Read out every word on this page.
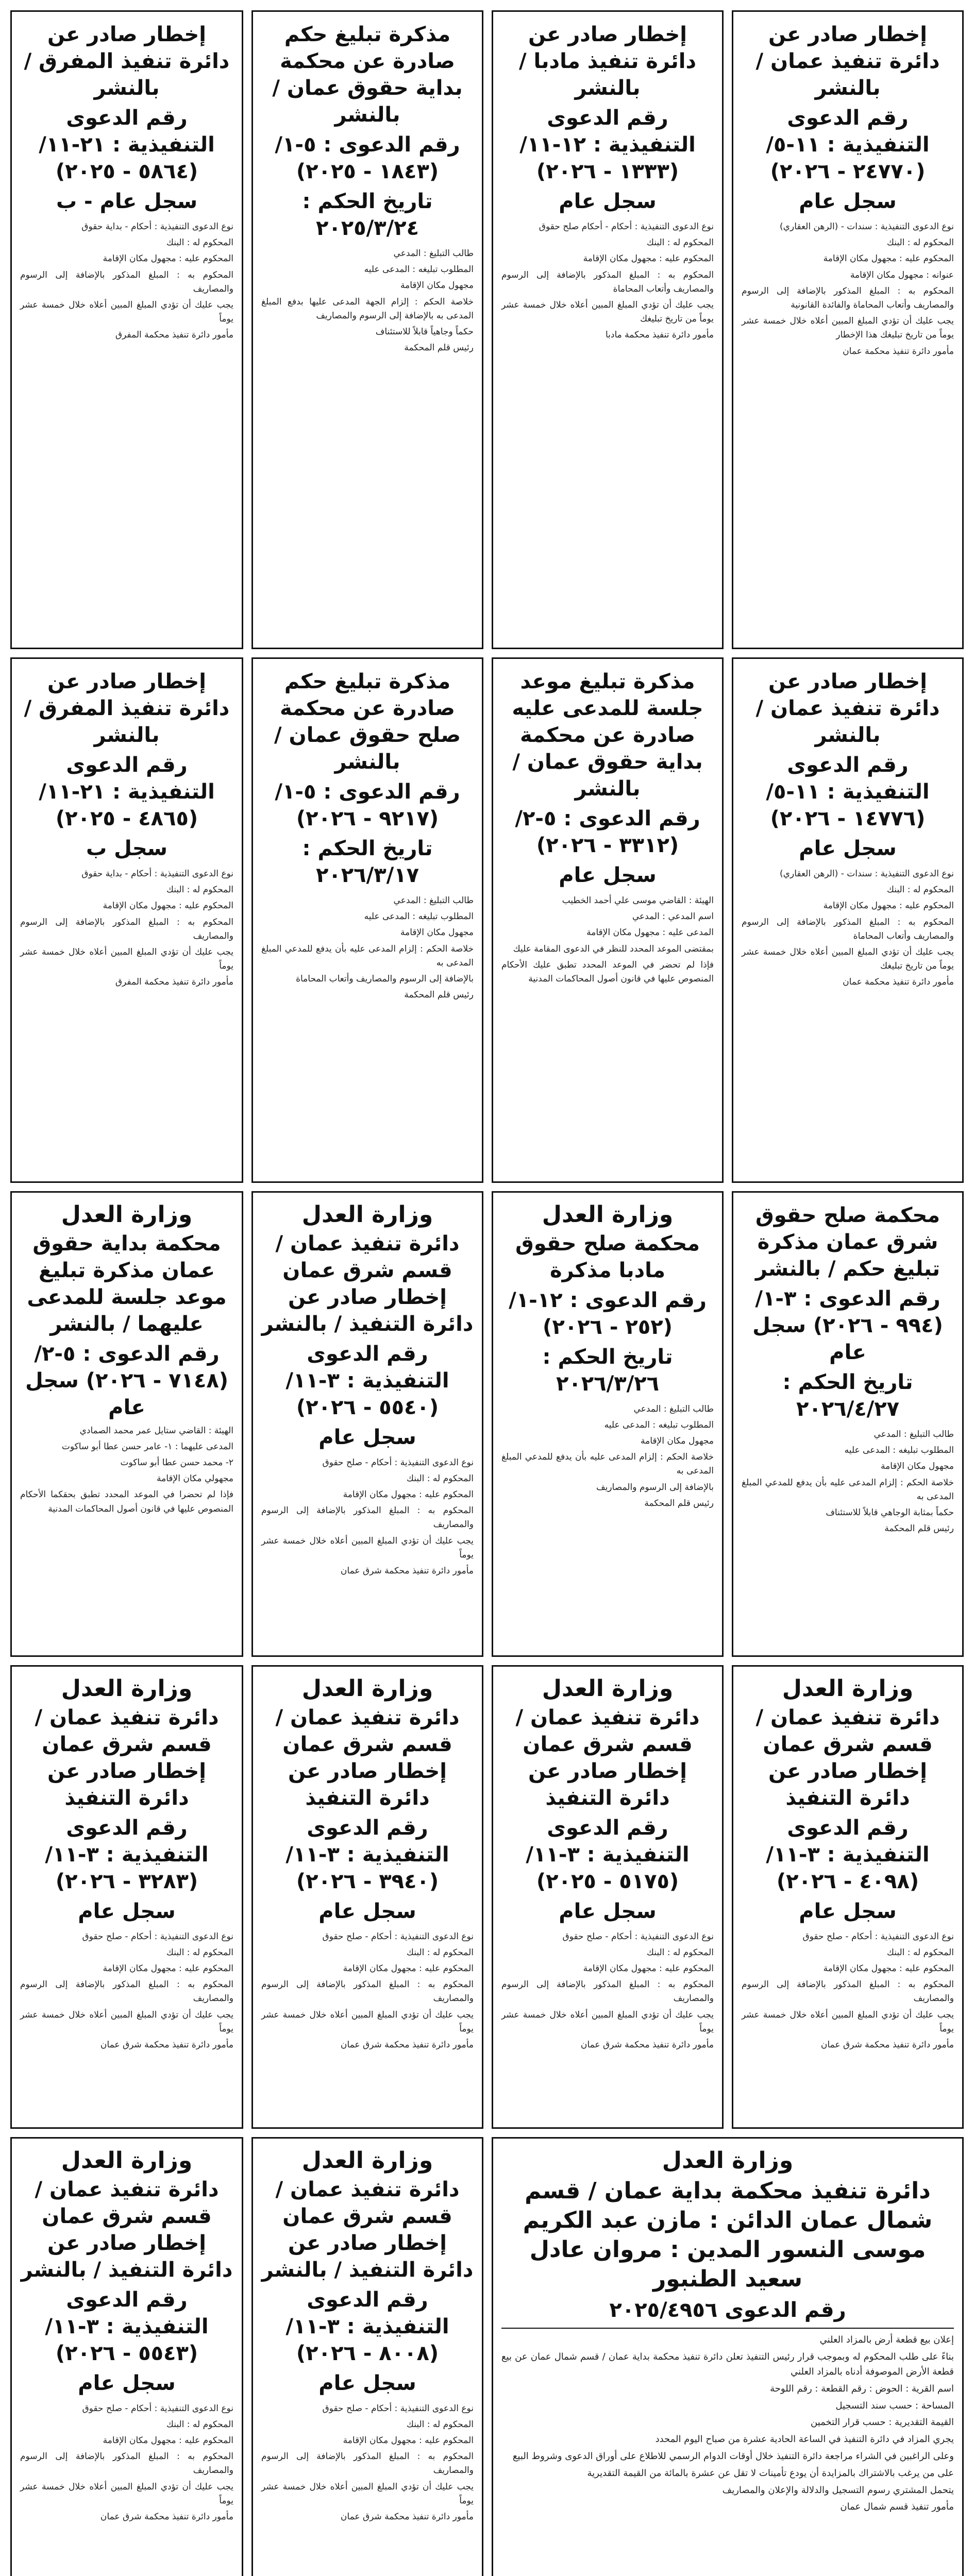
إخطار صادر عن دائرة تنفيذ عمان / بالنشر
رقم الدعوى التنفيذية : ١١-٥/ (٢٤٧٧٠ - ٢٠٢٦)
سجل عام

نوع الدعوى التنفيذية : سندات - (الرهن العقاري)

المحكوم له : البنك

المحكوم عليه : مجهول مكان الإقامة

عنوانه : مجهول مكان الإقامة

المحكوم به : المبلغ المذكور بالإضافة إلى الرسوم والمصاريف وأتعاب المحاماة والفائدة القانونية

يجب عليك أن تؤدي المبلغ المبين أعلاه خلال خمسة عشر يوماً من تاريخ تبليغك هذا الإخطار

مأمور دائرة تنفيذ محكمة عمان

إخطار صادر عن دائرة تنفيذ مادبا / بالنشر
رقم الدعوى التنفيذية : ١٢-١١/ (١٣٣٣ - ٢٠٢٦)
سجل عام

نوع الدعوى التنفيذية : أحكام - أحكام صلح حقوق

المحكوم له : البنك

المحكوم عليه : مجهول مكان الإقامة

المحكوم به : المبلغ المذكور بالإضافة إلى الرسوم والمصاريف وأتعاب المحاماة

يجب عليك أن تؤدي المبلغ المبين أعلاه خلال خمسة عشر يوماً من تاريخ تبليغك

مأمور دائرة تنفيذ محكمة مادبا

مذكرة تبليغ حكم صادرة عن محكمة بداية حقوق عمان / بالنشر
رقم الدعوى : ٥-١/ (١٨٤٣ - ٢٠٢٥)
تاريخ الحكم : ٢٠٢٥/٣/٢٤

طالب التبليغ : المدعي

المطلوب تبليغه : المدعى عليه

مجهول مكان الإقامة

خلاصة الحكم : إلزام الجهة المدعى عليها بدفع المبلغ المدعى به بالإضافة إلى الرسوم والمصاريف

حكماً وجاهياً قابلاً للاستئناف

رئيس قلم المحكمة

إخطار صادر عن دائرة تنفيذ المفرق / بالنشر
رقم الدعوى التنفيذية : ٢١-١١/ (٥٨٦٤ - ٢٠٢٥)
سجل عام - ب

نوع الدعوى التنفيذية : أحكام - بداية حقوق

المحكوم له : البنك

المحكوم عليه : مجهول مكان الإقامة

المحكوم به : المبلغ المذكور بالإضافة إلى الرسوم والمصاريف

يجب عليك أن تؤدي المبلغ المبين أعلاه خلال خمسة عشر يوماً

مأمور دائرة تنفيذ محكمة المفرق

إخطار صادر عن دائرة تنفيذ عمان / بالنشر
رقم الدعوى التنفيذية : ١١-٥/ (١٤٧٧٦ - ٢٠٢٦)
سجل عام

نوع الدعوى التنفيذية : سندات - (الرهن العقاري)

المحكوم له : البنك

المحكوم عليه : مجهول مكان الإقامة

المحكوم به : المبلغ المذكور بالإضافة إلى الرسوم والمصاريف وأتعاب المحاماة

يجب عليك أن تؤدي المبلغ المبين أعلاه خلال خمسة عشر يوماً من تاريخ تبليغك

مأمور دائرة تنفيذ محكمة عمان

مذكرة تبليغ موعد جلسة للمدعى عليه صادرة عن محكمة بداية حقوق عمان / بالنشر
رقم الدعوى : ٥-٢/ (٣٣١٢ - ٢٠٢٦)
سجل عام

الهيئة : القاضي موسى علي أحمد الخطيب

اسم المدعي : المدعي

المدعى عليه : مجهول مكان الإقامة

بمقتضى الموعد المحدد للنظر في الدعوى المقامة عليك

فإذا لم تحضر في الموعد المحدد تطبق عليك الأحكام المنصوص عليها في قانون أصول المحاكمات المدنية

مذكرة تبليغ حكم صادرة عن محكمة صلح حقوق عمان / بالنشر
رقم الدعوى : ٥-١/ (٩٢١٧ - ٢٠٢٦)
تاريخ الحكم : ٢٠٢٦/٣/١٧

طالب التبليغ : المدعي

المطلوب تبليغه : المدعى عليه

مجهول مكان الإقامة

خلاصة الحكم : إلزام المدعى عليه بأن يدفع للمدعي المبلغ المدعى به

بالإضافة إلى الرسوم والمصاريف وأتعاب المحاماة

رئيس قلم المحكمة

إخطار صادر عن دائرة تنفيذ المفرق / بالنشر
رقم الدعوى التنفيذية : ٢١-١١/ (٤٨٦٥ - ٢٠٢٥)
سجل ب

نوع الدعوى التنفيذية : أحكام - بداية حقوق

المحكوم له : البنك

المحكوم عليه : مجهول مكان الإقامة

المحكوم به : المبلغ المذكور بالإضافة إلى الرسوم والمصاريف

يجب عليك أن تؤدي المبلغ المبين أعلاه خلال خمسة عشر يوماً

مأمور دائرة تنفيذ محكمة المفرق

محكمة صلح حقوق شرق عمان مذكرة تبليغ حكم / بالنشر
رقم الدعوى : ٣-١/ (٩٩٤ - ٢٠٢٦) سجل عام
تاريخ الحكم : ٢٠٢٦/٤/٢٧

طالب التبليغ : المدعي

المطلوب تبليغه : المدعى عليه

مجهول مكان الإقامة

خلاصة الحكم : إلزام المدعى عليه بأن يدفع للمدعي المبلغ المدعى به

حكماً بمثابة الوجاهي قابلاً للاستئناف

رئيس قلم المحكمة

وزارة العدل
محكمة صلح حقوق مادبا مذكرة
رقم الدعوى : ١٢-١/ (٢٥٢ - ٢٠٢٦)
تاريخ الحكم : ٢٠٢٦/٣/٢٦

طالب التبليغ : المدعي

المطلوب تبليغه : المدعى عليه

مجهول مكان الإقامة

خلاصة الحكم : إلزام المدعى عليه بأن يدفع للمدعي المبلغ المدعى به

بالإضافة إلى الرسوم والمصاريف

رئيس قلم المحكمة

وزارة العدل
دائرة تنفيذ عمان / قسم شرق عمان إخطار صادر عن دائرة التنفيذ / بالنشر
رقم الدعوى التنفيذية : ٣-١١/ (٥٥٤٠ - ٢٠٢٦)
سجل عام

نوع الدعوى التنفيذية : أحكام - صلح حقوق

المحكوم له : البنك

المحكوم عليه : مجهول مكان الإقامة

المحكوم به : المبلغ المذكور بالإضافة إلى الرسوم والمصاريف

يجب عليك أن تؤدي المبلغ المبين أعلاه خلال خمسة عشر يوماً

مأمور دائرة تنفيذ محكمة شرق عمان

وزارة العدل
محكمة بداية حقوق عمان مذكرة تبليغ موعد جلسة للمدعى عليهما / بالنشر
رقم الدعوى : ٥-٢/ (٧١٤٨ - ٢٠٢٦) سجل عام

الهيئة : القاضي ستايل عمر محمد الصمادي

المدعى عليهما : ١- عامر حسن عطا أبو ساكوت

٢- محمد حسن عطا أبو ساكوت

مجهولي مكان الإقامة

فإذا لم تحضرا في الموعد المحدد تطبق بحقكما الأحكام المنصوص عليها في قانون أصول المحاكمات المدنية

وزارة العدل
دائرة تنفيذ عمان / قسم شرق عمان إخطار صادر عن دائرة التنفيذ
رقم الدعوى التنفيذية : ٣-١١/ (٤٠٩٨ - ٢٠٢٦)
سجل عام

نوع الدعوى التنفيذية : أحكام - صلح حقوق

المحكوم له : البنك

المحكوم عليه : مجهول مكان الإقامة

المحكوم به : المبلغ المذكور بالإضافة إلى الرسوم والمصاريف

يجب عليك أن تؤدي المبلغ المبين أعلاه خلال خمسة عشر يوماً

مأمور دائرة تنفيذ محكمة شرق عمان

وزارة العدل
دائرة تنفيذ عمان / قسم شرق عمان إخطار صادر عن دائرة التنفيذ
رقم الدعوى التنفيذية : ٣-١١/ (٥١٧٥ - ٢٠٢٥)
سجل عام

نوع الدعوى التنفيذية : أحكام - صلح حقوق

المحكوم له : البنك

المحكوم عليه : مجهول مكان الإقامة

المحكوم به : المبلغ المذكور بالإضافة إلى الرسوم والمصاريف

يجب عليك أن تؤدي المبلغ المبين أعلاه خلال خمسة عشر يوماً

مأمور دائرة تنفيذ محكمة شرق عمان

وزارة العدل
دائرة تنفيذ عمان / قسم شرق عمان إخطار صادر عن دائرة التنفيذ
رقم الدعوى التنفيذية : ٣-١١/ (٣٩٤٠ - ٢٠٢٦)
سجل عام

نوع الدعوى التنفيذية : أحكام - صلح حقوق

المحكوم له : البنك

المحكوم عليه : مجهول مكان الإقامة

المحكوم به : المبلغ المذكور بالإضافة إلى الرسوم والمصاريف

يجب عليك أن تؤدي المبلغ المبين أعلاه خلال خمسة عشر يوماً

مأمور دائرة تنفيذ محكمة شرق عمان

وزارة العدل
دائرة تنفيذ عمان / قسم شرق عمان إخطار صادر عن دائرة التنفيذ
رقم الدعوى التنفيذية : ٣-١١/ (٣٢٨٣ - ٢٠٢٦)
سجل عام

نوع الدعوى التنفيذية : أحكام - صلح حقوق

المحكوم له : البنك

المحكوم عليه : مجهول مكان الإقامة

المحكوم به : المبلغ المذكور بالإضافة إلى الرسوم والمصاريف

يجب عليك أن تؤدي المبلغ المبين أعلاه خلال خمسة عشر يوماً

مأمور دائرة تنفيذ محكمة شرق عمان

وزارة العدل
دائرة تنفيذ محكمة بداية عمان / قسم شمال عمان الدائن : مازن عبد الكريم موسى النسور المدين : مروان عادل سعيد الطنبور
رقم الدعوى ٢٠٢٥/٤٩٥٦

إعلان بيع قطعة أرض بالمزاد العلني

بناءً على طلب المحكوم له وبموجب قرار رئيس التنفيذ تعلن دائرة تنفيذ محكمة بداية عمان / قسم شمال عمان عن بيع قطعة الأرض الموصوفة أدناه بالمزاد العلني

اسم القرية : الحوض : رقم القطعة : رقم اللوحة

المساحة : حسب سند التسجيل

القيمة التقديرية : حسب قرار التخمين

يجري المزاد في دائرة التنفيذ في الساعة الحادية عشرة من صباح اليوم المحدد

وعلى الراغبين في الشراء مراجعة دائرة التنفيذ خلال أوقات الدوام الرسمي للاطلاع على أوراق الدعوى وشروط البيع

على من يرغب بالاشتراك بالمزايدة أن يودع تأمينات لا تقل عن عشرة بالمائة من القيمة التقديرية

يتحمل المشتري رسوم التسجيل والدلالة والإعلان والمصاريف

مأمور تنفيذ قسم شمال عمان

وزارة العدل
دائرة تنفيذ عمان / قسم شرق عمان إخطار صادر عن دائرة التنفيذ / بالنشر
رقم الدعوى التنفيذية : ٣-١١/ (٨٠٠٨ - ٢٠٢٦)
سجل عام

نوع الدعوى التنفيذية : أحكام - صلح حقوق

المحكوم له : البنك

المحكوم عليه : مجهول مكان الإقامة

المحكوم به : المبلغ المذكور بالإضافة إلى الرسوم والمصاريف

يجب عليك أن تؤدي المبلغ المبين أعلاه خلال خمسة عشر يوماً

مأمور دائرة تنفيذ محكمة شرق عمان

وزارة العدل
دائرة تنفيذ عمان / قسم شرق عمان إخطار صادر عن دائرة التنفيذ / بالنشر
رقم الدعوى التنفيذية : ٣-١١/ (٥٥٤٣ - ٢٠٢٦)
سجل عام

نوع الدعوى التنفيذية : أحكام - صلح حقوق

المحكوم له : البنك

المحكوم عليه : مجهول مكان الإقامة

المحكوم به : المبلغ المذكور بالإضافة إلى الرسوم والمصاريف

يجب عليك أن تؤدي المبلغ المبين أعلاه خلال خمسة عشر يوماً

مأمور دائرة تنفيذ محكمة شرق عمان
